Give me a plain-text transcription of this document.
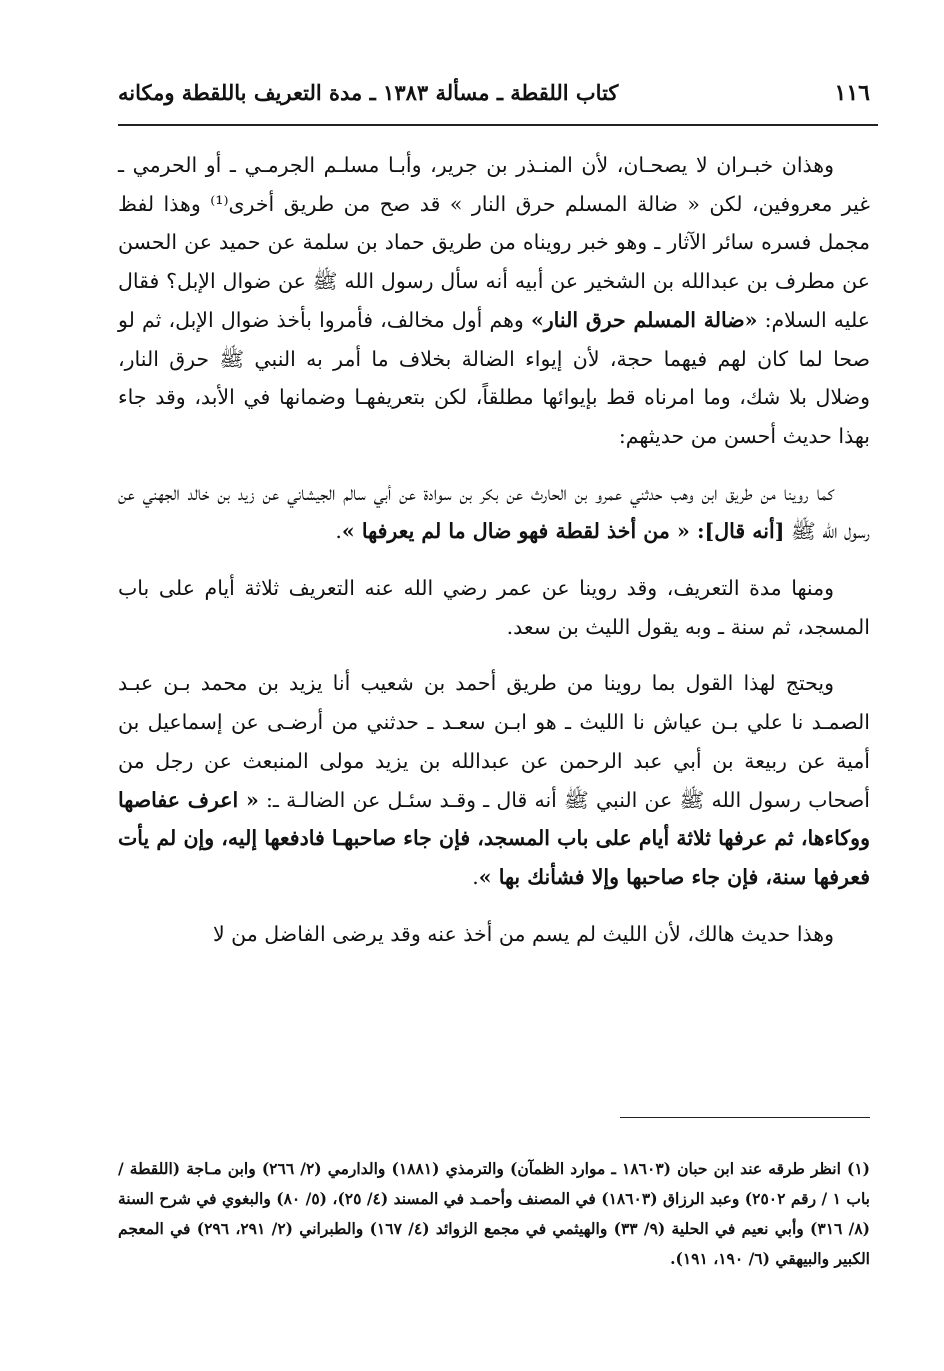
١١٦
كتاب اللقطة ـ مسألة ١٣٨٣ ـ مدة التعريف باللقطة ومكانه

وهذان خبـران لا يصحـان، لأن المنـذر بن جرير، وأبـا مسلـم الجرمـي ـ أو الحرمي ـ غير معروفين، لكن « ضالة المسلم حرق النار » قد صح من طريق أخرى⁽¹⁾ وهذا لفظ مجمل فسره سائر الآثار ـ وهو خبر رويناه من طريق حماد بن سلمة عن حميد عن الحسن عن مطرف بن عبدالله بن الشخير عن أبيه أنه سأل رسول الله ﷺ عن ضوال الإبل؟ فقال عليه السلام: «ضالة المسلم حرق النار» وهم أول مخالف، فأمروا بأخذ ضوال الإبل، ثم لو صحا لما كان لهم فيهما حجة، لأن إيواء الضالة بخلاف ما أمر به النبي ﷺ حرق النار، وضلال بلا شك، وما امرناه قط بإيوائها مطلقاً، لكن بتعريفهـا وضمانها في الأبد، وقد جاء بهذا حديث أحسن من حديثهم:

كما روينا من طريق ابن وهب حدثني عمرو بن الحارث عن بكر بن سوادة عن أبي سالم الجيشاني عن زيد بن خالد الجهني عن رسول الله ﷺ [أنه قال]: « من أخذ لقطة فهو ضال ما لم يعرفها ».

ومنها مدة التعريف، وقد روينا عن عمر رضي الله عنه التعريف ثلاثة أيام على باب المسجد، ثم سنة ـ وبه يقول الليث بن سعد.

ويحتج لهذا القول بما روينا من طريق أحمد بن شعيب أنا يزيد بن محمد بـن عبـد الصمـد نا علي بـن عياش نا الليث ـ هو ابـن سعـد ـ حدثني من أرضـى عن إسماعيل بن أمية عن ربيعة بن أبي عبد الرحمن عن عبدالله بن يزيد مولى المنبعث عن رجل من أصحاب رسول الله ﷺ عن النبي ﷺ أنه قال ـ وقـد سئـل عن الضالـة ـ: « اعرف عفاصها ووكاءها، ثم عرفها ثلاثة أيام على باب المسجد، فإن جاء صاحبهـا فادفعها إليه، وإن لم يأت فعرفها سنة، فإن جاء صاحبها وإلا فشأنك بها ».

وهذا حديث هالك، لأن الليث لم يسم من أخذ عنه وقد يرضى الفاضل من لا

(١) انظر طرقه عند ابن حبان (١٨٦٠٣ ـ موارد الظمآن) والترمذي (١٨٨١) والدارمي (٢/ ٢٦٦) وابن مـاجة (اللقطة / باب ١ / رقم ٢٥٠٢) وعبد الرزاق (١٨٦٠٣) في المصنف وأحمـد في المسند (٤/ ٢٥)، (٥/ ٨٠) والبغوي في شرح السنة (٨/ ٣١٦) وأبي نعيم في الحلية (٩/ ٣٣) والهيثمي في مجمع الزوائد (٤/ ١٦٧) والطبراني (٢/ ٢٩١، ٢٩٦) في المعجم الكبير والبيهقي (٦/ ١٩٠، ١٩١).
